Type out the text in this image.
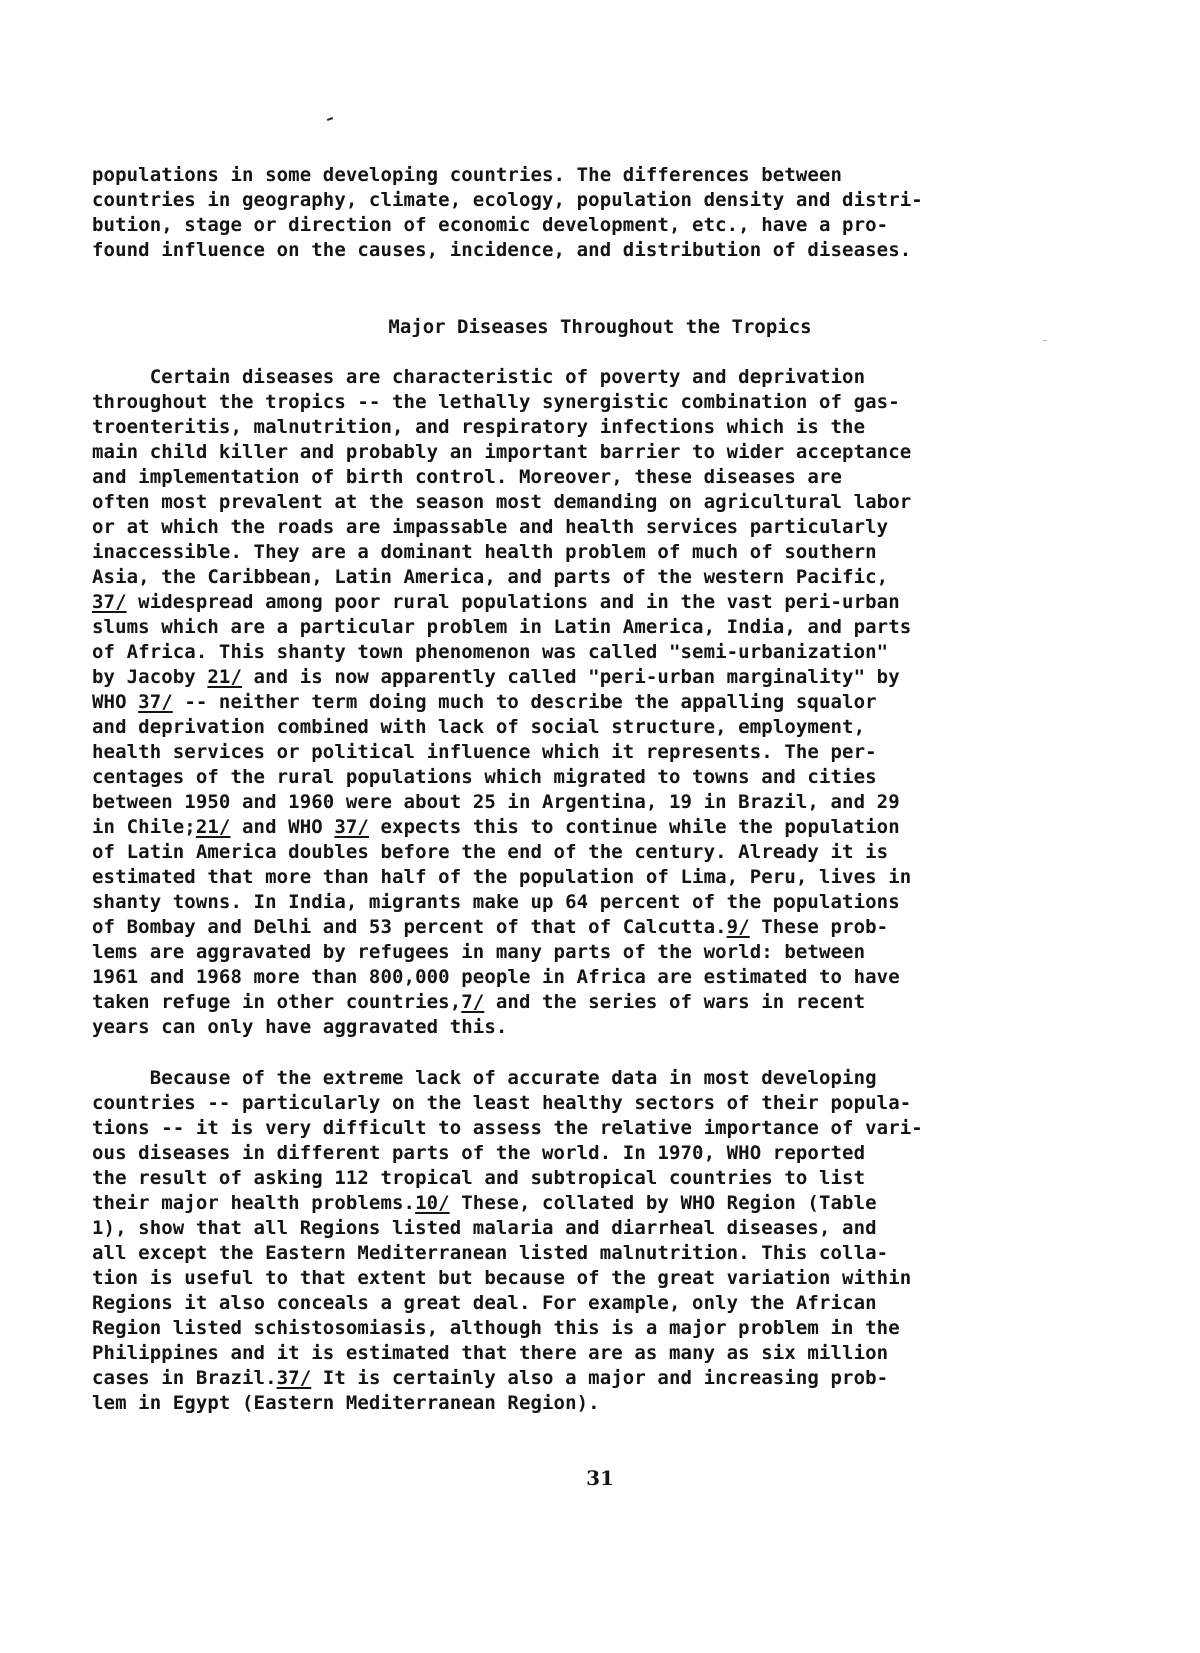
populations in some developing countries. The differences between
countries in geography, climate, ecology, population density and distri-
bution, stage or direction of economic development, etc., have a pro-
found influence on the causes, incidence, and distribution of diseases.
Major Diseases Throughout the Tropics
Certain diseases are characteristic of poverty and deprivation
throughout the tropics -- the lethally synergistic combination of gas-
troenteritis, malnutrition, and respiratory infections which is the
main child killer and probably an important barrier to wider acceptance
and implementation of birth control. Moreover, these diseases are
often most prevalent at the season most demanding on agricultural labor
or at which the roads are impassable and health services particularly
inaccessible. They are a dominant health problem of much of southern
Asia, the Caribbean, Latin America, and parts of the western Pacific,
37/ widespread among poor rural populations and in the vast peri-urban
slums which are a particular problem in Latin America, India, and parts
of Africa. This shanty town phenomenon was called "semi-urbanization"
by Jacoby 21/ and is now apparently called "peri-urban marginality" by
WHO 37/ -- neither term doing much to describe the appalling squalor
and deprivation combined with lack of social structure, employment,
health services or political influence which it represents. The per-
centages of the rural populations which migrated to towns and cities
between 1950 and 1960 were about 25 in Argentina, 19 in Brazil, and 29
in Chile;21/ and WHO 37/ expects this to continue while the population
of Latin America doubles before the end of the century. Already it is
estimated that more than half of the population of Lima, Peru, lives in
shanty towns. In India, migrants make up 64 percent of the populations
of Bombay and Delhi and 53 percent of that of Calcutta.9/ These prob-
lems are aggravated by refugees in many parts of the world: between
1961 and 1968 more than 800,000 people in Africa are estimated to have
taken refuge in other countries,7/ and the series of wars in recent
years can only have aggravated this.
Because of the extreme lack of accurate data in most developing
countries -- particularly on the least healthy sectors of their popula-
tions -- it is very difficult to assess the relative importance of vari-
ous diseases in different parts of the world. In 1970, WHO reported
the result of asking 112 tropical and subtropical countries to list
their major health problems.10/ These, collated by WHO Region (Table
1), show that all Regions listed malaria and diarrheal diseases, and
all except the Eastern Mediterranean listed malnutrition. This colla-
tion is useful to that extent but because of the great variation within
Regions it also conceals a great deal. For example, only the African
Region listed schistosomiasis, although this is a major problem in the
Philippines and it is estimated that there are as many as six million
cases in Brazil.37/ It is certainly also a major and increasing prob-
lem in Egypt (Eastern Mediterranean Region).
31
